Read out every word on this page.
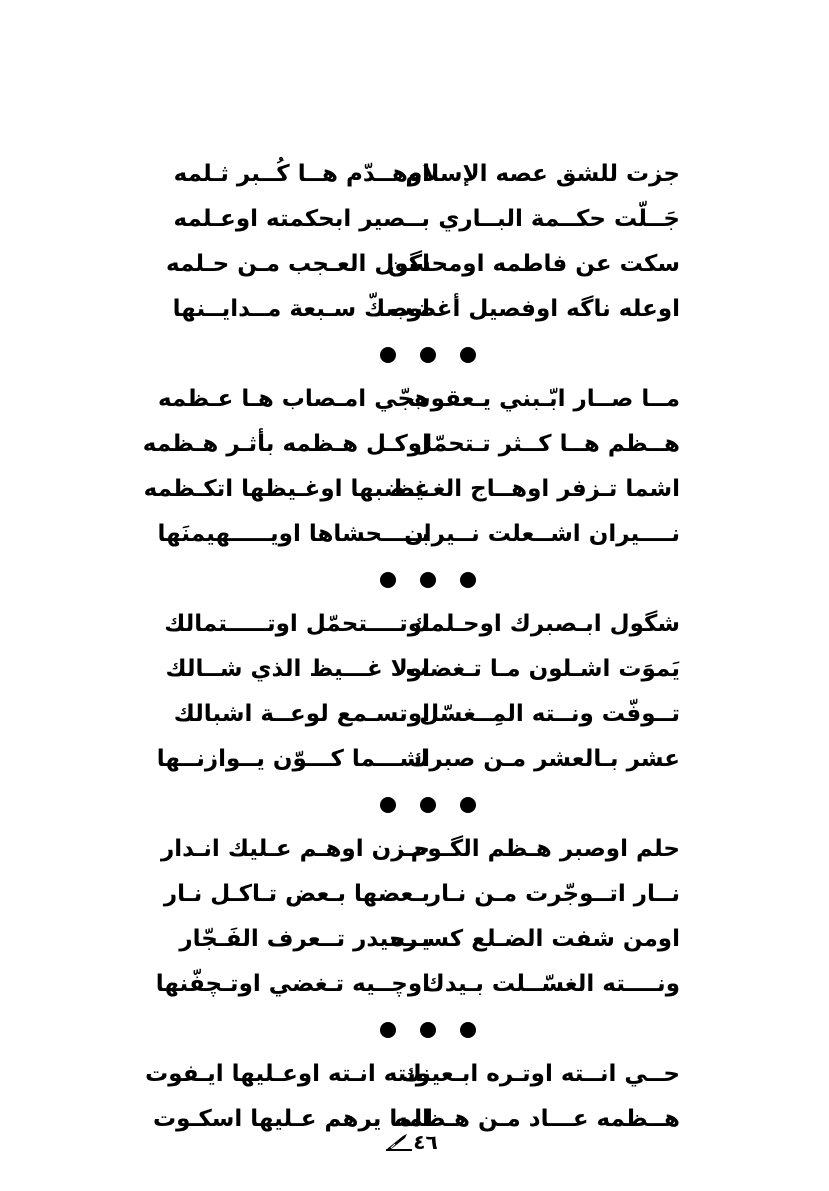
جزت للشق عصه الإسلام
اوهــدّم هــا كُــبر ثـلمه
جَــلّت حكــمة البــاري
بــصير ابحكمته اوعـلمه
سكت عن فاطمه اومحسن
اگول العـجب مـن حـلمه
اوعله ناگه اوفصيل أغضب
اوصكّ سـبعة مــدايــنها
مــا صــار ابّـبني يـعقوب
هجّي امـصاب هـا عـظمه
هــظم هــا كــثر تـتحمّل
اوكـل هـظمه بأثـر هـظمه
اشما تـزفر اوهــاج الغـيظ
غـضبها اوغـيظها اتكـظمه
نــــيران اشــعلت نــيران
بـــــحشاها اويـــــهيمنَها
شگول ابـصبرك اوحـلمك
اوتــــتحمّل اوتـــــتمالك
يَموَت اشـلون مـا تـغضب
اولا غـــيظ الذي شــالك
تــوفّت ونــته المِــغسّل
اوتسـمع لوعــة اشبالك
عشر بـالعشر مـن صبرك
اشـــما كـــوّن يــوازنــها
حلم اوصبر هـظم الگـوم
حـزن اوهـم عـليك انـدار
نــار اتــوجّرت مـن نـار
بـعضها بـعض تـاكـل نـار
اومن شفت الضـلع كسـره
يــحيدر تــعرف الفَـجّار
ونــــته الغسّــلت بـيدك
اوچــيه تـغضي اوتـچفّنها
حــي انــته اوتـره ابـعينك
ونته انـته اوعـليها ايـفوت
هــظمه عـــاد مـن هـظمه
الما يرهم عـليها اسكـوت
٤٦
